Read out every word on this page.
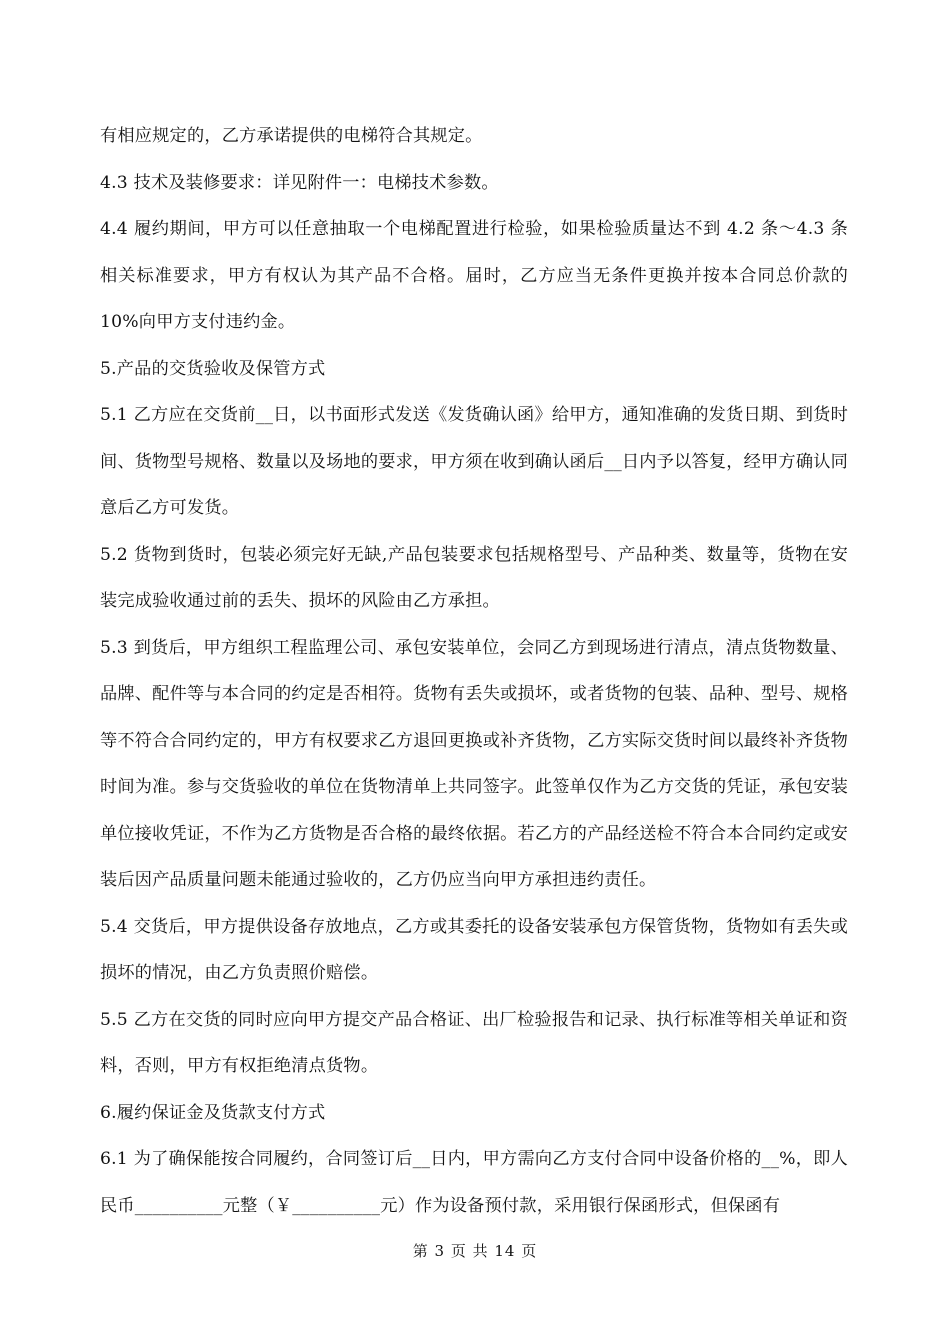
有相应规定的，乙方承诺提供的电梯符合其规定。

4.3 技术及装修要求：详见附件一：电梯技术参数。

4.4 履约期间，甲方可以任意抽取一个电梯配置进行检验，如果检验质量达不到 4.2 条～4.3 条相关标准要求，甲方有权认为其产品不合格。届时，乙方应当无条件更换并按本合同总价款的 10%向甲方支付违约金。

5.产品的交货验收及保管方式

5.1 乙方应在交货前__日，以书面形式发送《发货确认函》给甲方，通知准确的发货日期、到货时间、货物型号规格、数量以及场地的要求，甲方须在收到确认函后__日内予以答复，经甲方确认同意后乙方可发货。

5.2 货物到货时，包装必须完好无缺,产品包装要求包括规格型号、产品种类、数量等，货物在安装完成验收通过前的丢失、损坏的风险由乙方承担。

5.3 到货后，甲方组织工程监理公司、承包安装单位，会同乙方到现场进行清点，清点货物数量、品牌、配件等与本合同的约定是否相符。货物有丢失或损坏，或者货物的包装、品种、型号、规格等不符合合同约定的，甲方有权要求乙方退回更换或补齐货物，乙方实际交货时间以最终补齐货物时间为准。参与交货验收的单位在货物清单上共同签字。此签单仅作为乙方交货的凭证，承包安装单位接收凭证，不作为乙方货物是否合格的最终依据。若乙方的产品经送检不符合本合同约定或安装后因产品质量问题未能通过验收的，乙方仍应当向甲方承担违约责任。

5.4 交货后，甲方提供设备存放地点，乙方或其委托的设备安装承包方保管货物，货物如有丢失或损坏的情况，由乙方负责照价赔偿。

5.5 乙方在交货的同时应向甲方提交产品合格证、出厂检验报告和记录、执行标准等相关单证和资料，否则，甲方有权拒绝清点货物。

6.履约保证金及货款支付方式

6.1 为了确保能按合同履约，合同签订后__日内，甲方需向乙方支付合同中设备价格的__%，即人民币__________元整（￥__________元）作为设备预付款，采用银行保函形式，但保函有

第 3 页 共 14 页
